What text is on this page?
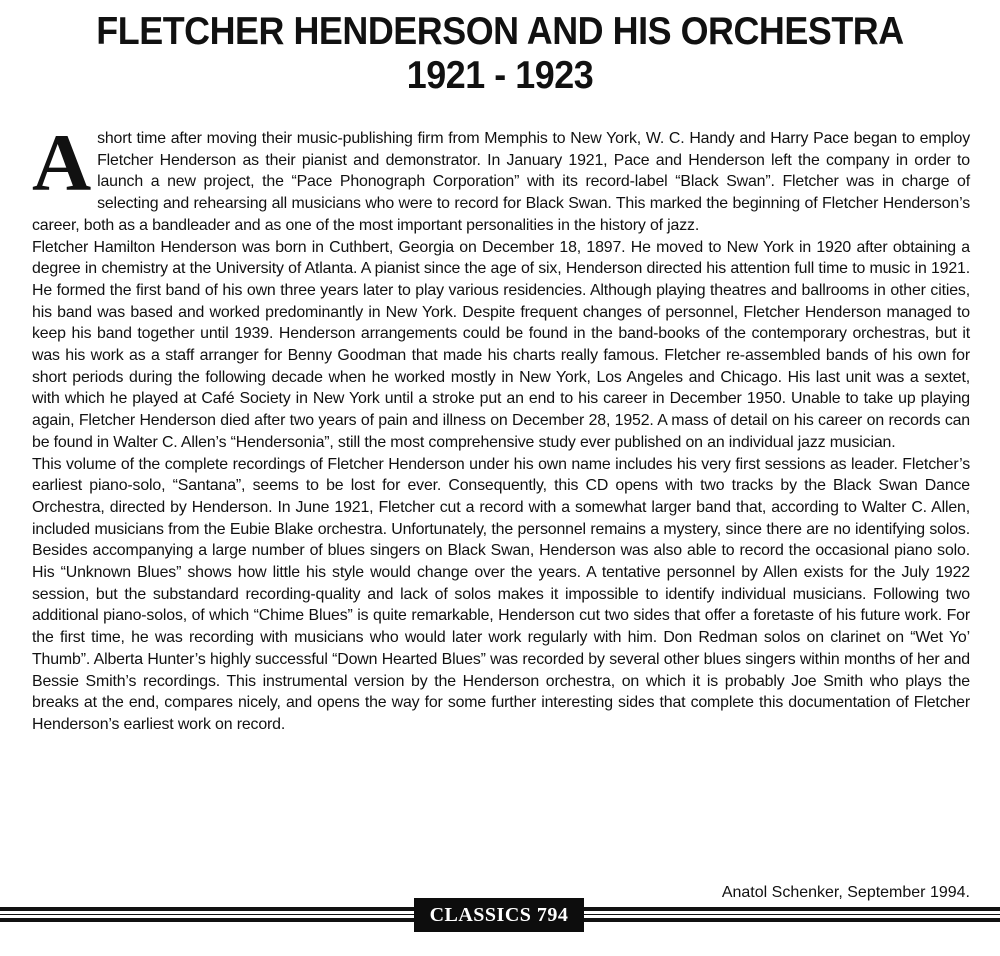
FLETCHER HENDERSON AND HIS ORCHESTRA
1921 - 1923

Ashort time after moving their music-publishing firm from Memphis to New York, W. C. Handy and Harry Pace began to employ Fletcher Henderson as their pianist and demonstrator. In January 1921, Pace and Henderson left the company in order to launch a new project, the “Pace Phonograph Corporation” with its record-label “Black Swan”. Fletcher was in charge of selecting and rehearsing all musicians who were to record for Black Swan. This marked the beginning of Fletcher Henderson’s career, both as a bandleader and as one of the most important personalities in the history of jazz.

Fletcher Hamilton Henderson was born in Cuthbert, Georgia on December 18, 1897. He moved to New York in 1920 after obtaining a degree in chemistry at the University of Atlanta. A pianist since the age of six, Henderson directed his attention full time to music in 1921. He formed the first band of his own three years later to play various residencies. Although playing theatres and ballrooms in other cities, his band was based and worked predominantly in New York. Despite frequent changes of personnel, Fletcher Henderson managed to keep his band together until 1939. Henderson arrangements could be found in the band-books of the contemporary orchestras, but it was his work as a staff arranger for Benny Goodman that made his charts really famous. Fletcher re-assembled bands of his own for short periods during the following decade when he worked mostly in New York, Los Angeles and Chicago. His last unit was a sextet, with which he played at Café Society in New York until a stroke put an end to his career in December 1950. Unable to take up playing again, Fletcher Henderson died after two years of pain and illness on December 28, 1952. A mass of detail on his career on records can be found in Walter C. Allen’s “Hendersonia”, still the most comprehensive study ever published on an individual jazz musician.

This volume of the complete recordings of Fletcher Henderson under his own name includes his very first sessions as leader. Fletcher’s earliest piano-solo, “Santana”, seems to be lost for ever. Consequently, this CD opens with two tracks by the Black Swan Dance Orchestra, directed by Henderson. In June 1921, Fletcher cut a record with a somewhat larger band that, according to Walter C. Allen, included musicians from the Eubie Blake orchestra. Unfortunately, the personnel remains a mystery, since there are no identifying solos. Besides accompanying a large number of blues singers on Black Swan, Henderson was also able to record the occasional piano solo. His “Unknown Blues” shows how little his style would change over the years. A tentative personnel by Allen exists for the July 1922 session, but the substandard recording-quality and lack of solos makes it impossible to identify individual musicians. Following two additional piano-solos, of which “Chime Blues” is quite remarkable, Henderson cut two sides that offer a foretaste of his future work. For the first time, he was recording with musicians who would later work regularly with him. Don Redman solos on clarinet on “Wet Yo’ Thumb”. Alberta Hunter’s highly successful “Down Hearted Blues” was recorded by several other blues singers within months of her and Bessie Smith’s recordings. This instrumental version by the Henderson orchestra, on which it is probably Joe Smith who plays the breaks at the end, compares nicely, and opens the way for some further interesting sides that complete this documentation of Fletcher Henderson’s earliest work on record.

Anatol Schenker, September 1994.
CLASSICS 794
